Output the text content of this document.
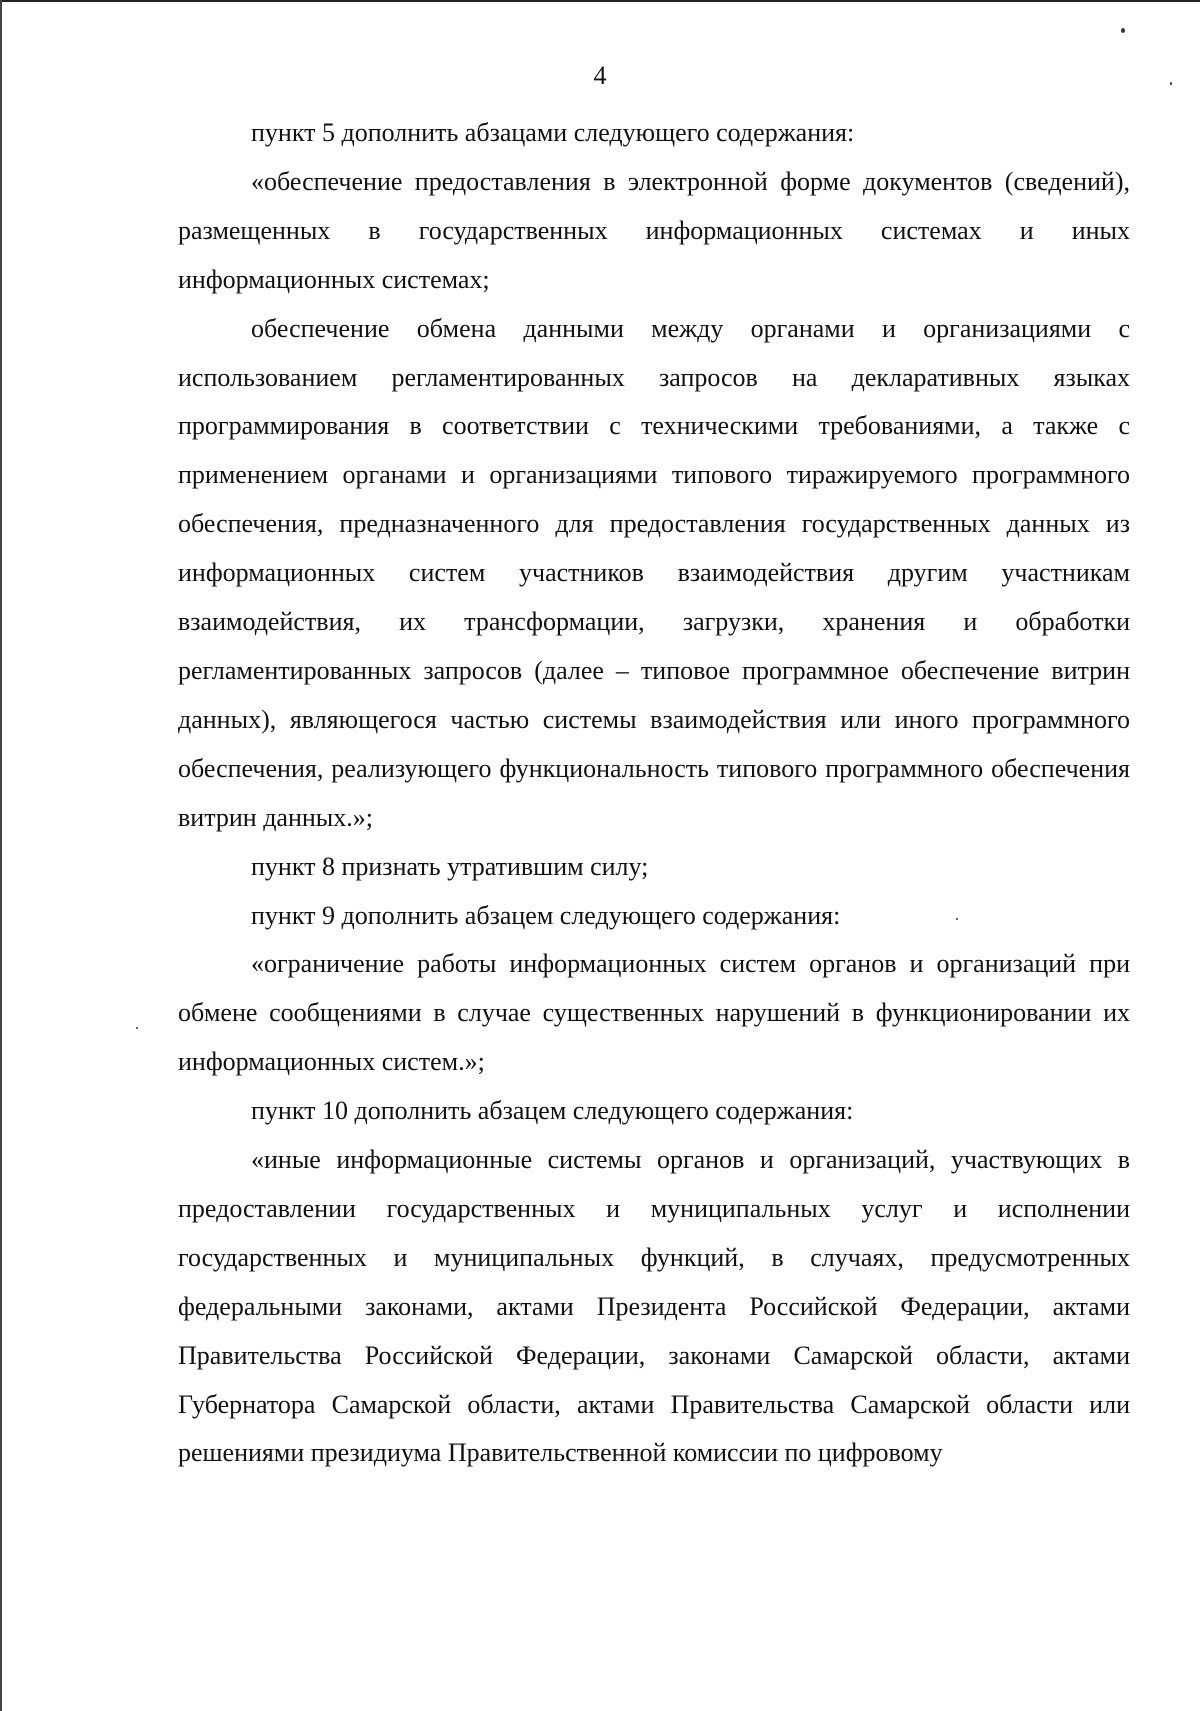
4

пункт 5 дополнить абзацами следующего содержания:

«обеспечение предоставления в электронной форме документов (сведений), размещенных в государственных информационных системах и иных информационных системах;

обеспечение обмена данными между органами и организациями с использованием регламентированных запросов на декларативных языках программирования в соответствии с техническими требованиями, а также с применением органами и организациями типового тиражируемого программного обеспечения, предназначенного для предоставления государственных данных из информационных систем участников взаимодействия другим участникам взаимодействия, их трансформации, загрузки, хранения и обработки регламентированных запросов (далее – типовое программное обеспечение витрин данных), являющегося частью системы взаимодействия или иного программного обеспечения, реализующего функциональность типового программного обеспечения витрин данных.»;

пункт 8 признать утратившим силу;

пункт 9 дополнить абзацем следующего содержания:

«ограничение работы информационных систем органов и организаций при обмене сообщениями в случае существенных нарушений в функционировании их информационных систем.»;

пункт 10 дополнить абзацем следующего содержания:

«иные информационные системы органов и организаций, участвующих в предоставлении государственных и муниципальных услуг и исполнении государственных и муниципальных функций, в случаях, предусмотренных федеральными законами, актами Президента Российской Федерации, актами Правительства Российской Федерации, законами Самарской области, актами Губернатора Самарской области, актами Правительства Самарской области или решениями президиума Правительственной комиссии по цифровому
